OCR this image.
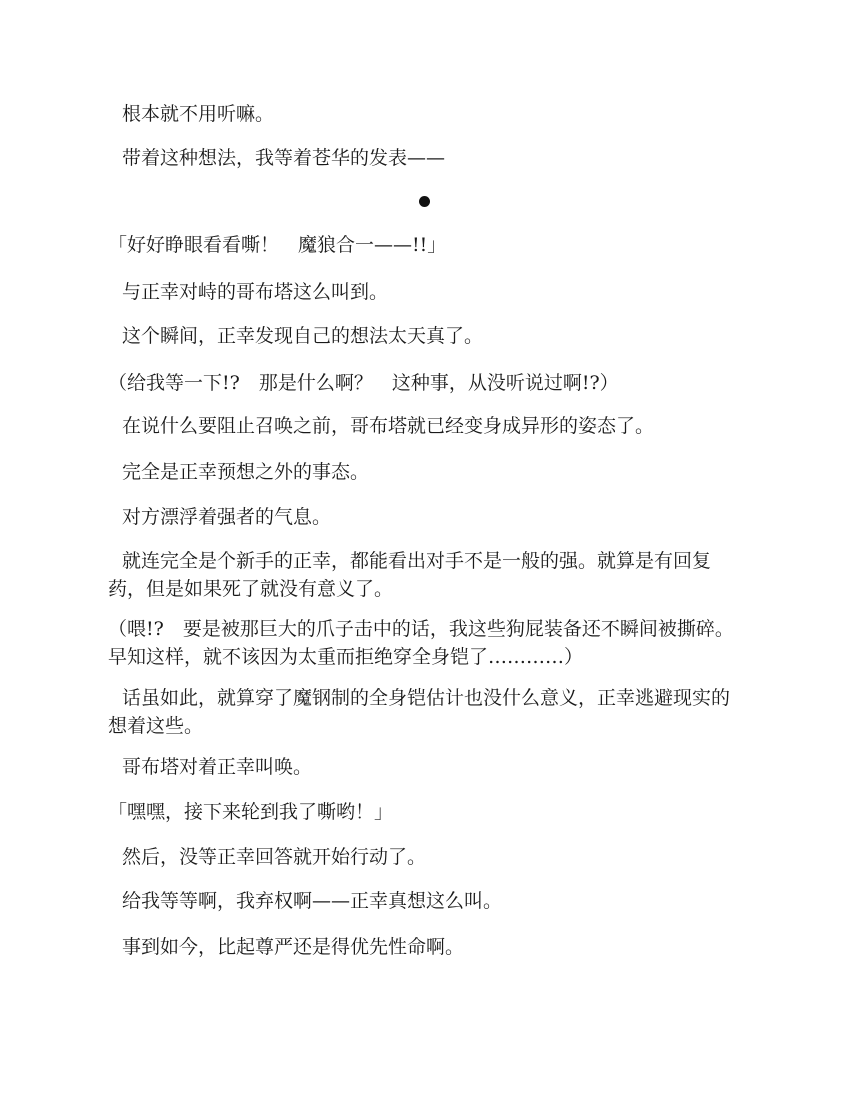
根本就不用听嘛。

带着这种想法，我等着苍华的发表——

「好好睁眼看看嘶！　魔狼合一——!!」

与正幸对峙的哥布塔这么叫到。

这个瞬间，正幸发现自己的想法太天真了。

（给我等一下!?　那是什么啊？　这种事，从没听说过啊!?）

在说什么要阻止召唤之前，哥布塔就已经变身成异形的姿态了。

完全是正幸预想之外的事态。

对方漂浮着强者的气息。

就连完全是个新手的正幸，都能看出对手不是一般的强。就算是有回复药，但是如果死了就没有意义了。

（喂!?　要是被那巨大的爪子击中的话，我这些狗屁装备还不瞬间被撕碎。早知这样，就不该因为太重而拒绝穿全身铠了…………）

话虽如此，就算穿了魔钢制的全身铠估计也没什么意义，正幸逃避现实的想着这些。

哥布塔对着正幸叫唤。

「嘿嘿，接下来轮到我了嘶哟！」

然后，没等正幸回答就开始行动了。

给我等等啊，我弃权啊——正幸真想这么叫。

事到如今，比起尊严还是得优先性命啊。
